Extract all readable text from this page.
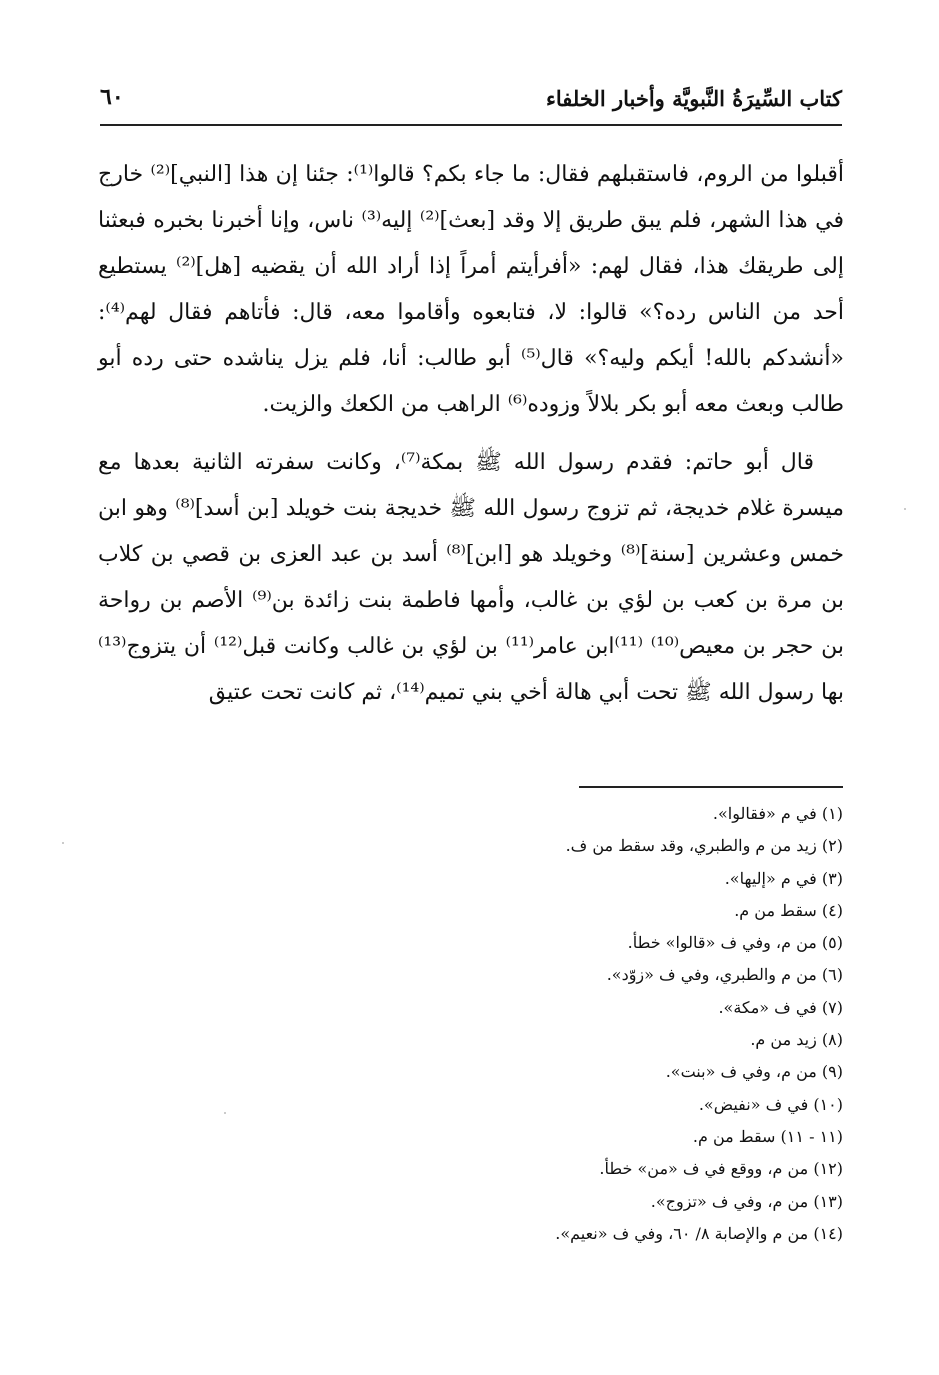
كتاب السِّيرَةُ النَّبويَّة وأخبار الخلفاء
٦٠

أقبلوا من الروم، فاستقبلهم فقال: ما جاء بكم؟ قالوا⁽¹⁾: جئنا إن هذا [النبي]⁽²⁾ خارج في هذا الشهر، فلم يبق طريق إلا وقد [بعث]⁽²⁾ إليه⁽³⁾ ناس، وإنا أخبرنا بخبره فبعثنا إلى طريقك هذا، فقال لهم: «أفرأيتم أمراً إذا أراد الله أن يقضيه [هل]⁽²⁾ يستطيع أحد من الناس رده؟» قالوا: لا، فتابعوه وأقاموا معه، قال: فأتاهم فقال لهم⁽⁴⁾: «أنشدكم بالله! أيكم وليه؟» قال⁽⁵⁾ أبو طالب: أنا، فلم يزل يناشده حتى رده أبو طالب وبعث معه أبو بكر بلالاً وزوده⁽⁶⁾ الراهب من الكعك والزيت.

قال أبو حاتم: فقدم رسول الله ﷺ بمكة⁽⁷⁾، وكانت سفرته الثانية بعدها مع ميسرة غلام خديجة، ثم تزوج رسول الله ﷺ خديجة بنت خويلد [بن أسد]⁽⁸⁾ وهو ابن خمس وعشرين [سنة]⁽⁸⁾ وخويلد هو [ابن]⁽⁸⁾ أسد بن عبد العزى بن قصي بن كلاب بن مرة بن كعب بن لؤي بن غالب، وأمها فاطمة بنت زائدة بن⁽⁹⁾ الأصم بن رواحة بن حجر بن معيص⁽¹⁰⁾ ⁽¹¹⁾ابن عامر⁽¹¹⁾ بن لؤي بن غالب وكانت قبل⁽¹²⁾ أن يتزوج⁽¹³⁾ بها رسول الله ﷺ تحت أبي هالة أخي بني تميم⁽¹⁴⁾، ثم كانت تحت عتيق

(١) في م «فقالوا».
(٢) زيد من م والطبري، وقد سقط من ف.
(٣) في م «إليها».
(٤) سقط من م.
(٥) من م، وفي ف «قالوا» خطأ.
(٦) من م والطبري، وفي ف «زوّد».
(٧) في ف «مكة».
(٨) زيد من م.
(٩) من م، وفي ف «بنت».
(١٠) في ف «نفيض».
(١١ - ١١) سقط من م.
(١٢) من م، ووقع في ف «من» خطأ.
(١٣) من م، وفي ف «تزوج».
(١٤) من م والإصابة ٨/ ٦٠، وفي ف «نعيم».
